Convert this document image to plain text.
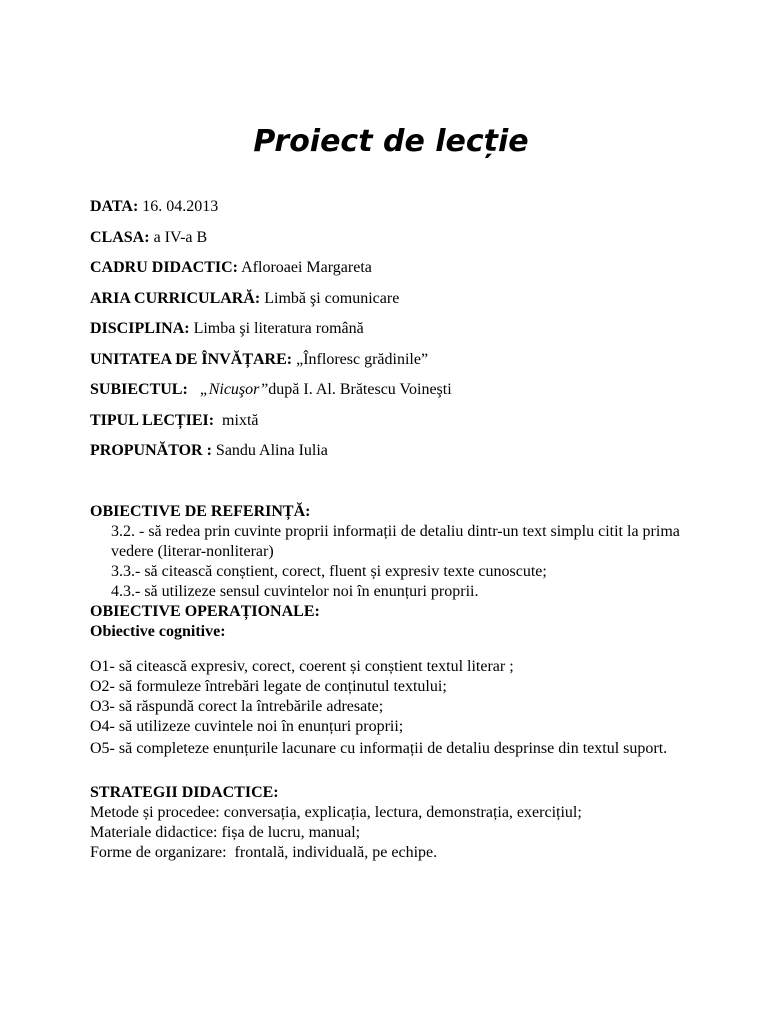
Proiect de lecție
DATA: 16. 04.2013
CLASA: a IV-a B
CADRU DIDACTIC: Afloroaei Margareta
ARIA CURRICULARĂ: Limbă şi comunicare
DISCIPLINA: Limba şi literatura română
UNITATEA DE ÎNVĂȚARE: „Înfloresc grădinile”
SUBIECTUL: „Nicuşor”după I. Al. Brătescu Voineşti
TIPUL LECȚIEI:  mixtă
PROPUNĂTOR : Sandu Alina Iulia
OBIECTIVE DE REFERINȚĂ:
3.2. - să redea prin cuvinte proprii informații de detaliu dintr-un text simplu citit la prima vedere (literar-nonliterar)
3.3.- să citească conștient, corect, fluent și expresiv texte cunoscute;
4.3.- să utilizeze sensul cuvintelor noi în enunțuri proprii.
OBIECTIVE OPERAȚIONALE:
Obiective cognitive:
O1- să citească expresiv, corect, coerent și conștient textul literar ;
O2- să formuleze întrebări legate de conținutul textului;
O3- să răspundă corect la întrebările adresate;
O4- să utilizeze cuvintele noi în enunțuri proprii;
O5- să completeze enunțurile lacunare cu informații de detaliu desprinse din textul suport.
STRATEGII DIDACTICE:
Metode și procedee: conversația, explicația, lectura, demonstrația, exercițiul;
Materiale didactice: fișa de lucru, manual;
Forme de organizare:  frontală, individuală, pe echipe.
